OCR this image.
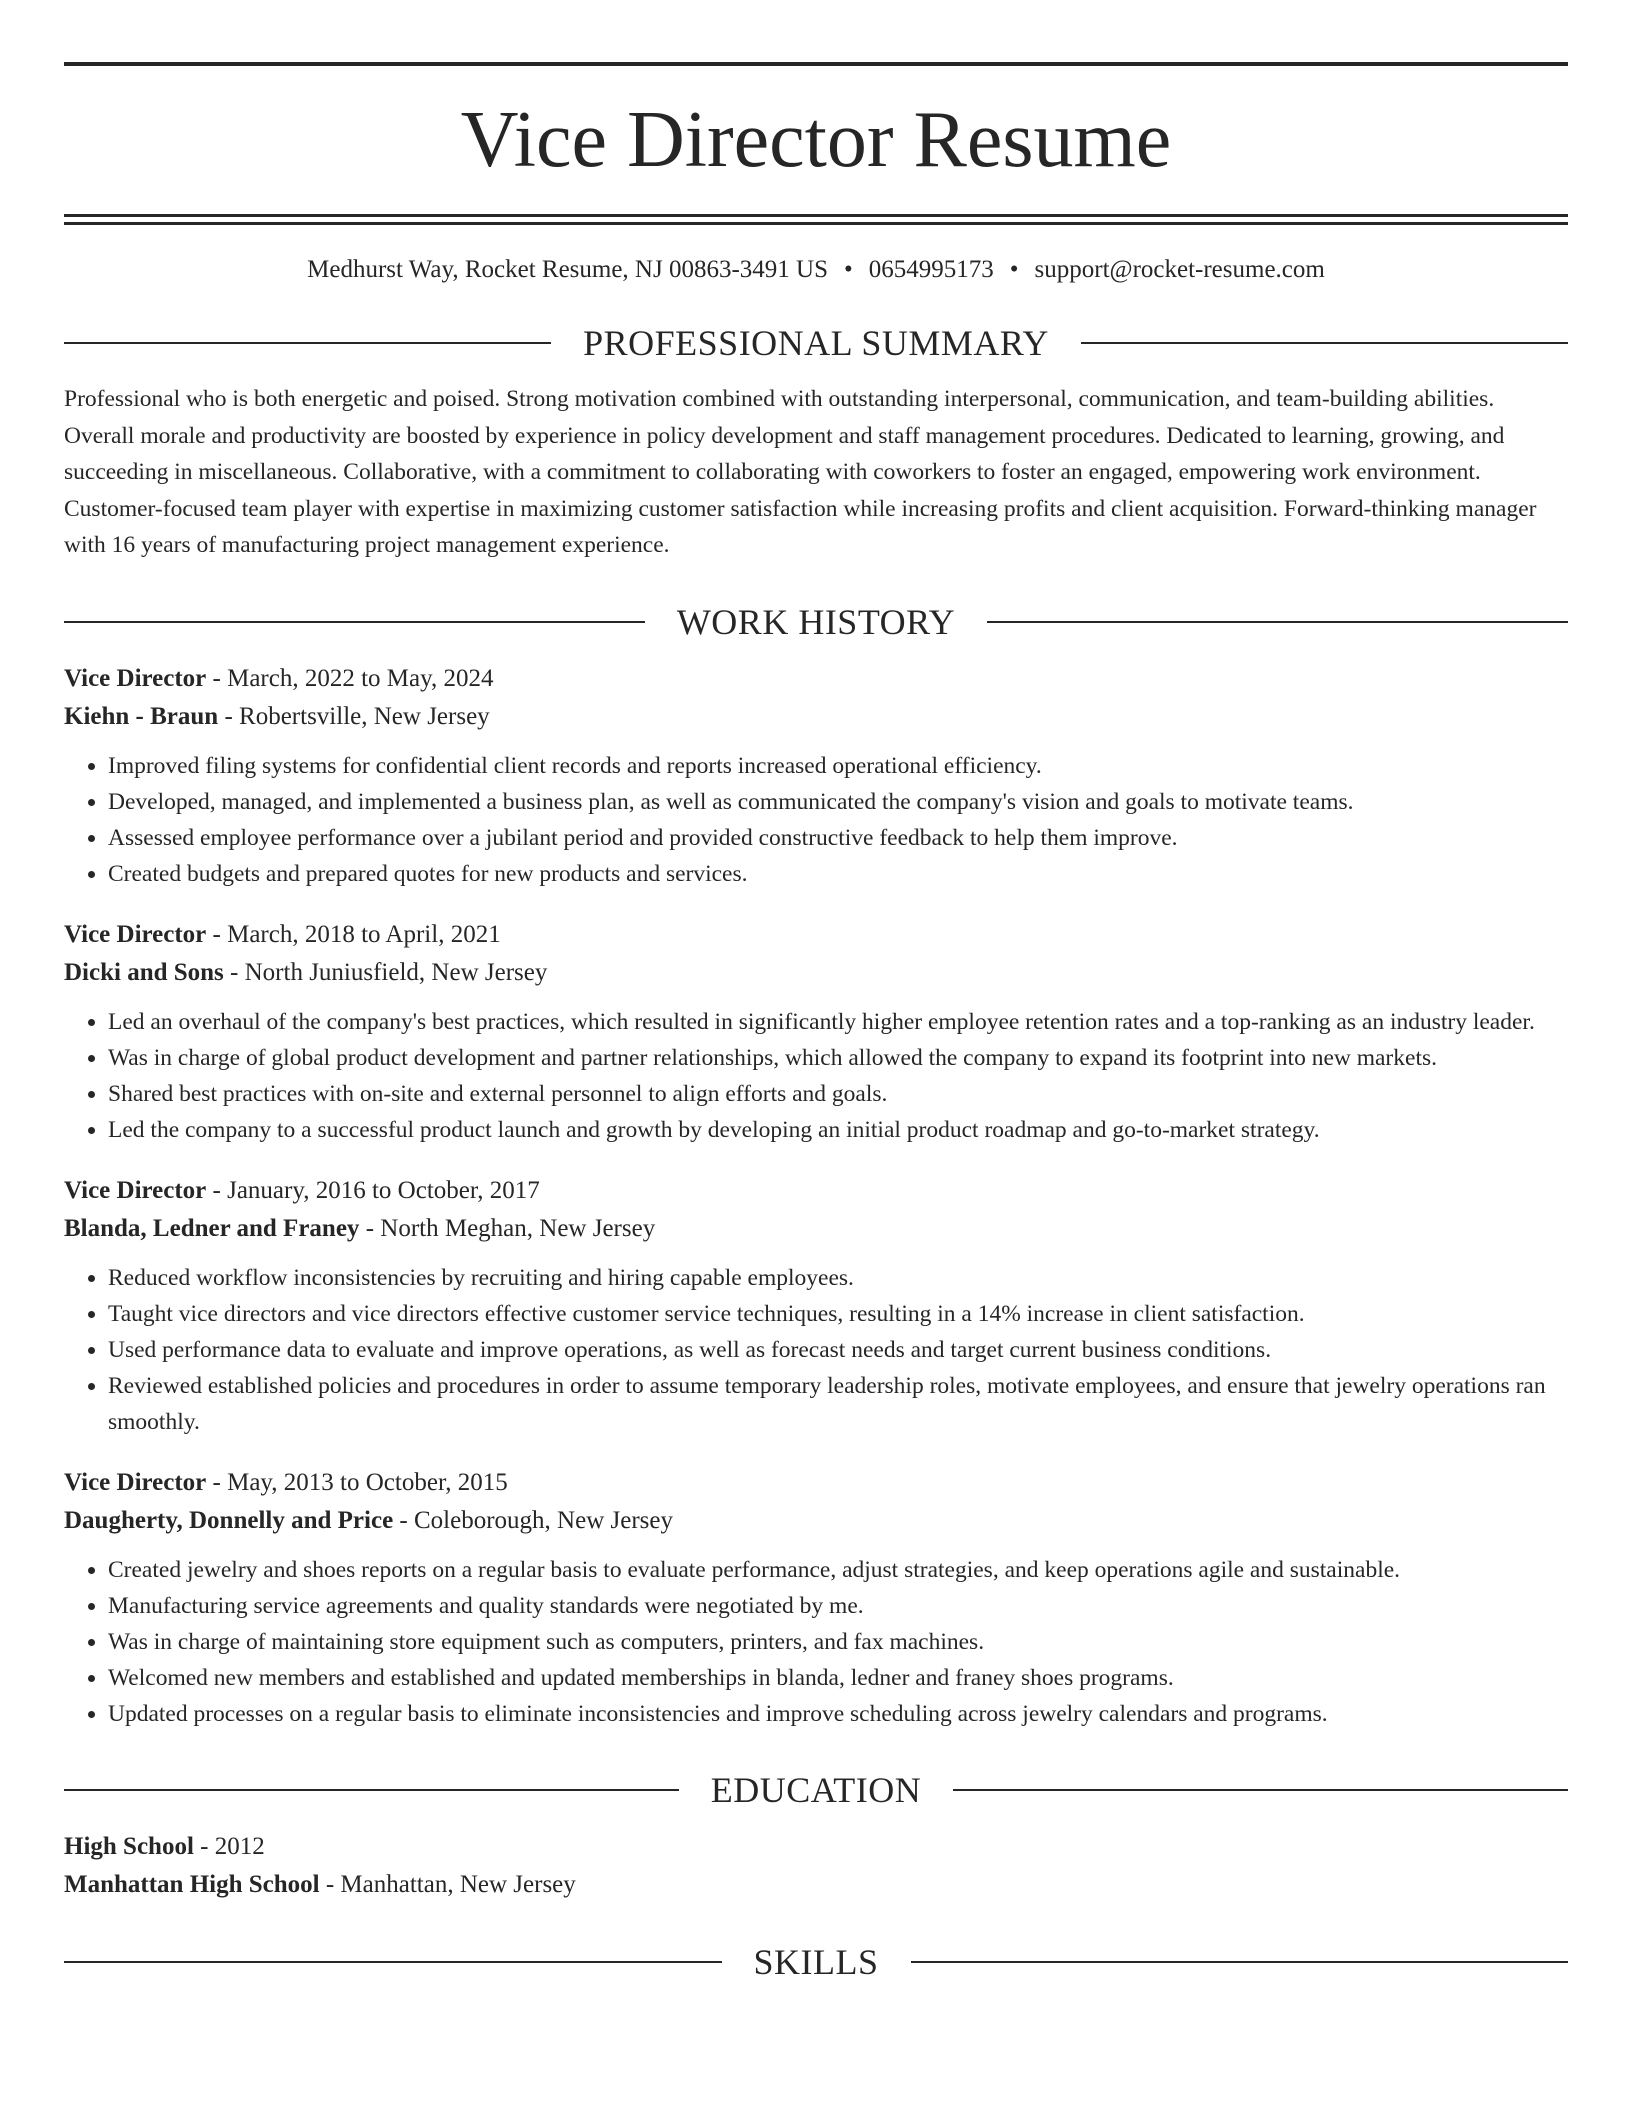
Vice Director Resume
Medhurst Way, Rocket Resume, NJ 00863-3491 US • 0654995173 • support@rocket-resume.com
PROFESSIONAL SUMMARY

Professional who is both energetic and poised. Strong motivation combined with outstanding interpersonal, communication, and team-building abilities. Overall morale and productivity are boosted by experience in policy development and staff management procedures. Dedicated to learning, growing, and succeeding in miscellaneous. Collaborative, with a commitment to collaborating with coworkers to foster an engaged, empowering work environment. Customer-focused team player with expertise in maximizing customer satisfaction while increasing profits and client acquisition. Forward-thinking manager with 16 years of manufacturing project management experience.

WORK HISTORY
Vice Director - March, 2022 to May, 2024
Kiehn - Braun - Robertsville, New Jersey
• Improved filing systems for confidential client records and reports increased operational efficiency.
• Developed, managed, and implemented a business plan, as well as communicated the company's vision and goals to motivate teams.
• Assessed employee performance over a jubilant period and provided constructive feedback to help them improve.
• Created budgets and prepared quotes for new products and services.
Vice Director - March, 2018 to April, 2021
Dicki and Sons - North Juniusfield, New Jersey
• Led an overhaul of the company's best practices, which resulted in significantly higher employee retention rates and a top-ranking as an industry leader.
• Was in charge of global product development and partner relationships, which allowed the company to expand its footprint into new markets.
• Shared best practices with on-site and external personnel to align efforts and goals.
• Led the company to a successful product launch and growth by developing an initial product roadmap and go-to-market strategy.
Vice Director - January, 2016 to October, 2017
Blanda, Ledner and Franey - North Meghan, New Jersey
• Reduced workflow inconsistencies by recruiting and hiring capable employees.
• Taught vice directors and vice directors effective customer service techniques, resulting in a 14% increase in client satisfaction.
• Used performance data to evaluate and improve operations, as well as forecast needs and target current business conditions.
• Reviewed established policies and procedures in order to assume temporary leadership roles, motivate employees, and ensure that jewelry operations ran smoothly.
Vice Director - May, 2013 to October, 2015
Daugherty, Donnelly and Price - Coleborough, New Jersey
• Created jewelry and shoes reports on a regular basis to evaluate performance, adjust strategies, and keep operations agile and sustainable.
• Manufacturing service agreements and quality standards were negotiated by me.
• Was in charge of maintaining store equipment such as computers, printers, and fax machines.
• Welcomed new members and established and updated memberships in blanda, ledner and franey shoes programs.
• Updated processes on a regular basis to eliminate inconsistencies and improve scheduling across jewelry calendars and programs.
EDUCATION
High School - 2012
Manhattan High School - Manhattan, New Jersey
SKILLS
